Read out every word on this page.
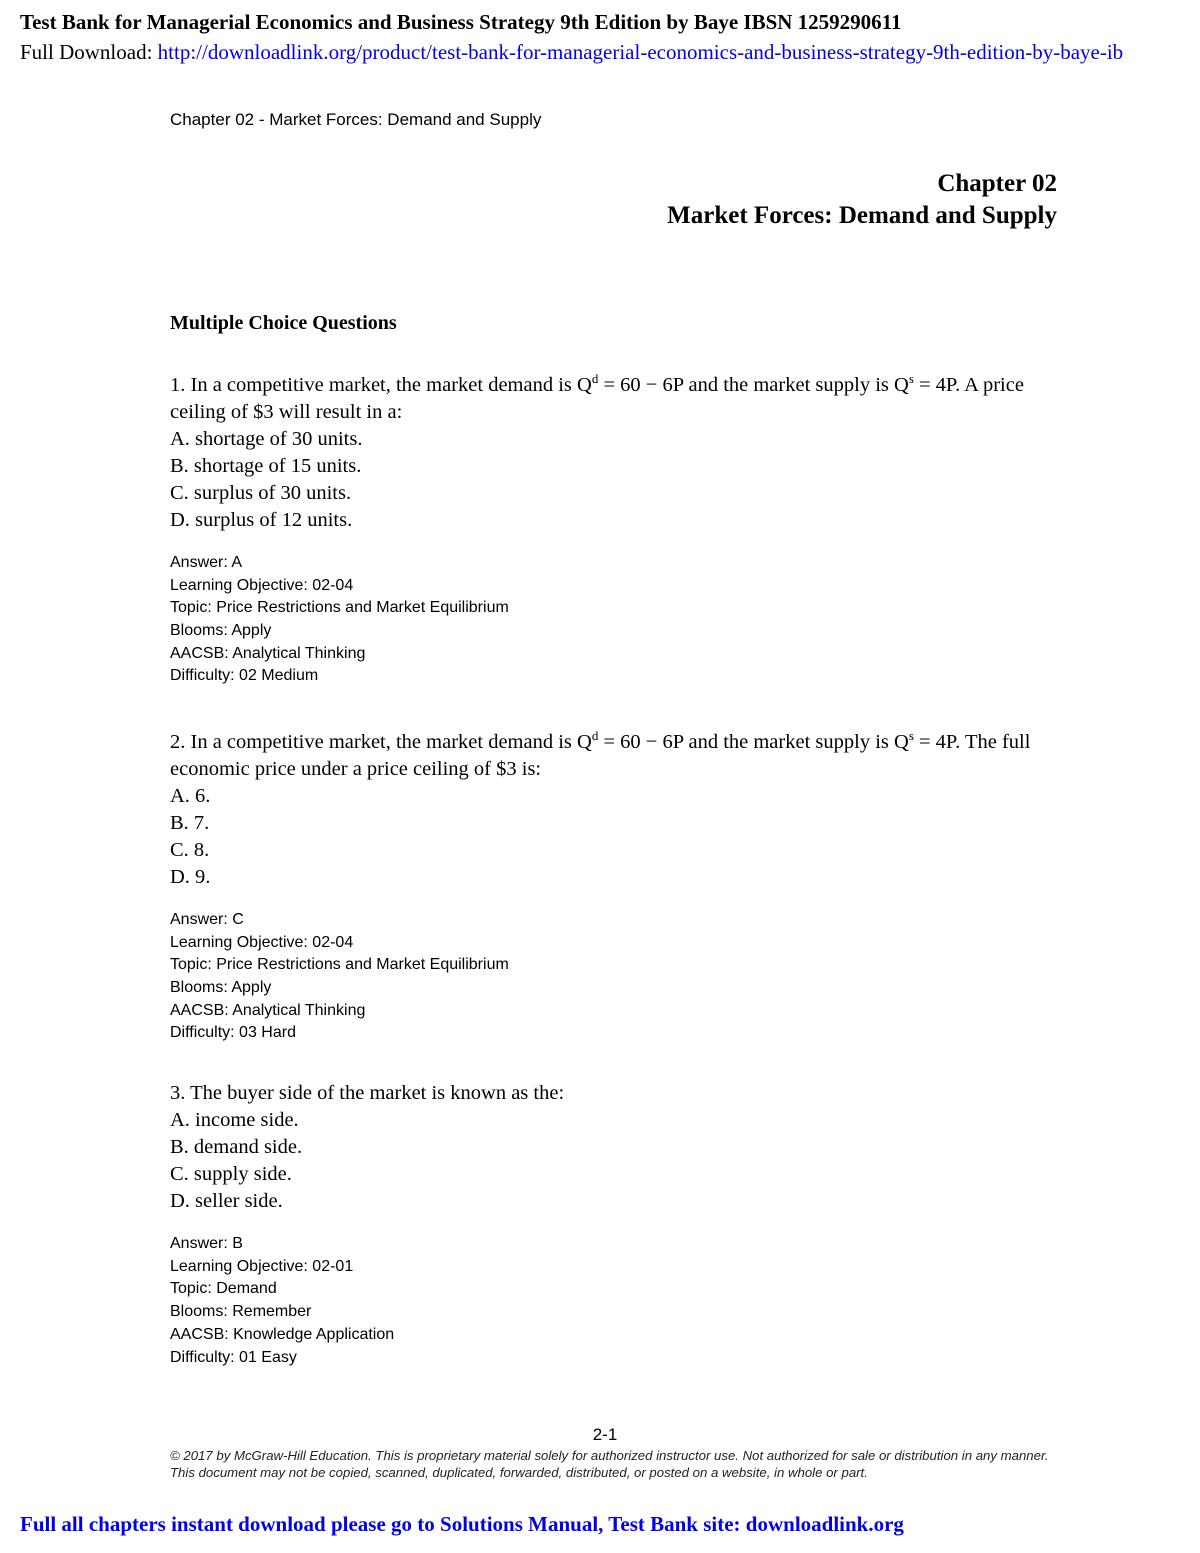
Test Bank for Managerial Economics and Business Strategy 9th Edition by Baye IBSN 1259290611
Full Download: http://downloadlink.org/product/test-bank-for-managerial-economics-and-business-strategy-9th-edition-by-baye-ib
Chapter 02 - Market Forces: Demand and Supply
Chapter 02
Market Forces: Demand and Supply
Multiple Choice Questions

1. In a competitive market, the market demand is $Q^d = 60 - 6P$ and the market supply is $Q^s = 4P$. A price ceiling of $3 will result in a:

A. shortage of 30 units.

B. shortage of 15 units.

C. surplus of 30 units.

D. surplus of 12 units.

Answer: A

Learning Objective: 02-04

Topic: Price Restrictions and Market Equilibrium

Blooms: Apply

AACSB: Analytical Thinking

Difficulty: 02 Medium

2. In a competitive market, the market demand is $Q^d = 60 - 6P$ and the market supply is $Q^s = 4P$. The full economic price under a price ceiling of $3 is:

A. 6.

B. 7.

C. 8.

D. 9.

Answer: C

Learning Objective: 02-04

Topic: Price Restrictions and Market Equilibrium

Blooms: Apply

AACSB: Analytical Thinking

Difficulty: 03 Hard

3. The buyer side of the market is known as the:

A. income side.

B. demand side.

C. supply side.

D. seller side.

Answer: B

Learning Objective: 02-01

Topic: Demand

Blooms: Remember

AACSB: Knowledge Application

Difficulty: 01 Easy

2-1
© 2017 by McGraw-Hill Education. This is proprietary material solely for authorized instructor use. Not authorized for sale or distribution in any manner. This document may not be copied, scanned, duplicated, forwarded, distributed, or posted on a website, in whole or part.
Full all chapters instant download please go to Solutions Manual, Test Bank site: downloadlink.org
